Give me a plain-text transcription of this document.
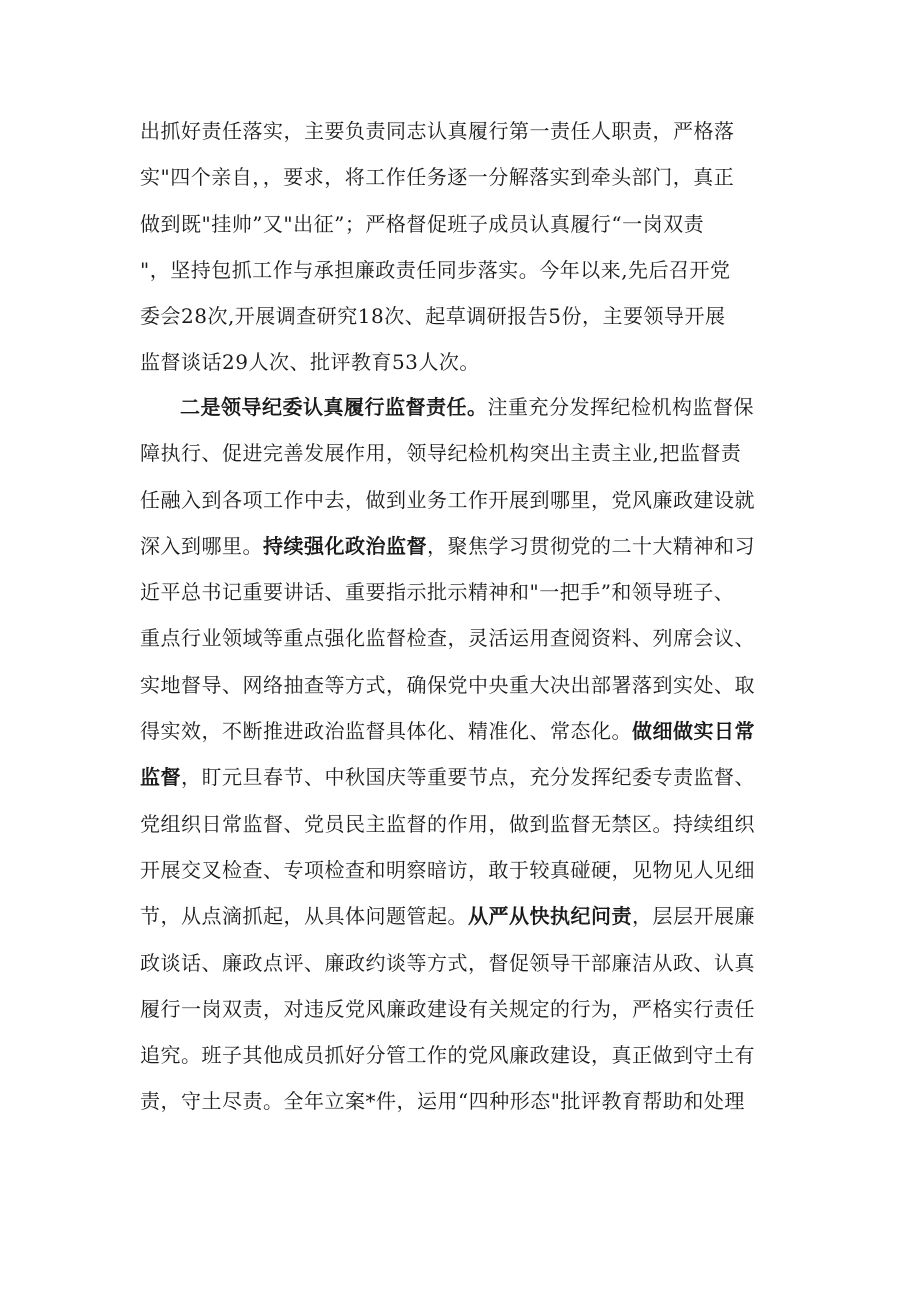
出抓好责任落实，主要负责同志认真履行第一责任人职责，严格落
实"四个亲自，，要求，将工作任务逐一分解落实到牵头部门，真正
做到既"挂帅”又"出征”；严格督促班子成员认真履行“一岗双责
"，坚持包抓工作与承担廉政责任同步落实。今年以来,先后召开党
委会28次,开展调查研究18次、起草调研报告5份，主要领导开展
监督谈话29人次、批评教育53人次。
二是领导纪委认真履行监督责任。注重充分发挥纪检机构监督保
障执行、促进完善发展作用，领导纪检机构突出主责主业,把监督责
任融入到各项工作中去，做到业务工作开展到哪里，党风廉政建设就
深入到哪里。持续强化政治监督，聚焦学习贯彻党的二十大精神和习
近平总书记重要讲话、重要指示批示精神和"一把手”和领导班子、
重点行业领域等重点强化监督检查，灵活运用查阅资料、列席会议、
实地督导、网络抽查等方式，确保党中央重大决出部署落到实处、取
得实效，不断推进政治监督具体化、精准化、常态化。做细做实日常
监督，盯元旦春节、中秋国庆等重要节点，充分发挥纪委专责监督、
党组织日常监督、党员民主监督的作用，做到监督无禁区。持续组织
开展交叉检查、专项检查和明察暗访，敢于较真碰硬，见物见人见细
节，从点滴抓起，从具体问题管起。从严从快执纪问责，层层开展廉
政谈话、廉政点评、廉政约谈等方式，督促领导干部廉洁从政、认真
履行一岗双责，对违反党风廉政建设有关规定的行为，严格实行责任
追究。班子其他成员抓好分管工作的党风廉政建设，真正做到守土有
责，守土尽责。全年立案*件，运用“四种形态"批评教育帮助和处理
